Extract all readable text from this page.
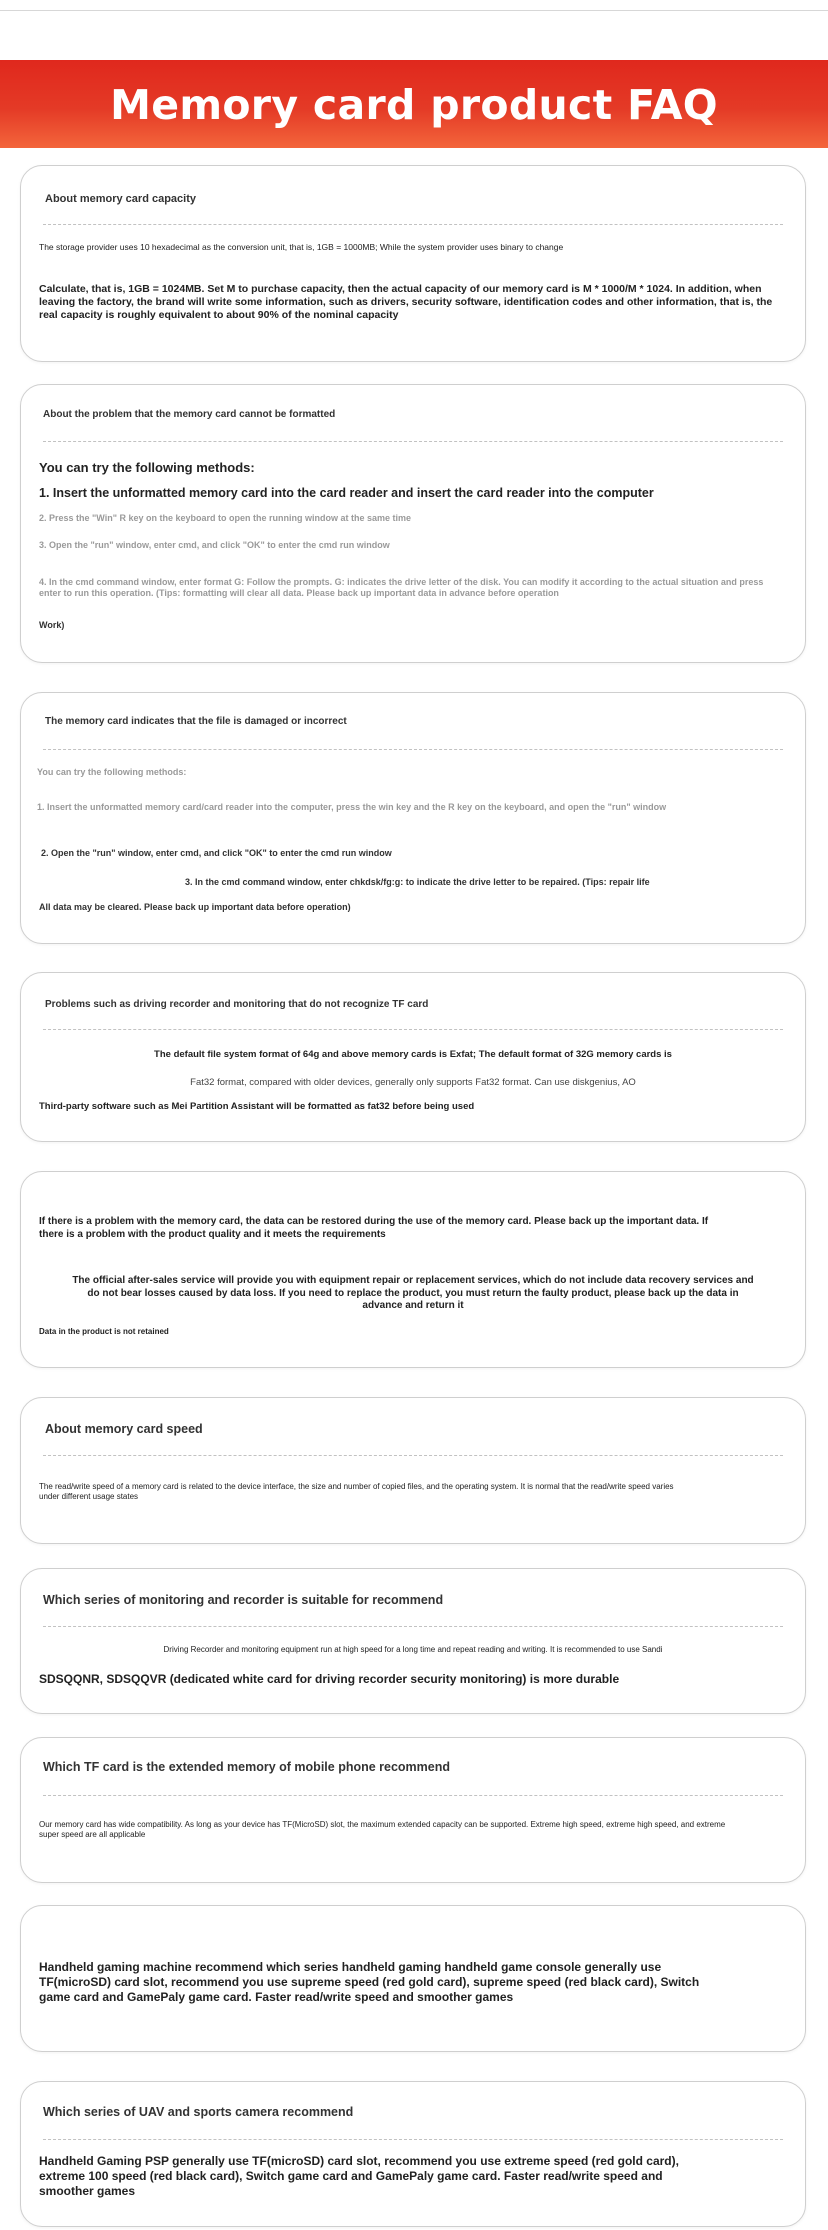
Memory card product FAQ
About memory card capacity
The storage provider uses 10 hexadecimal as the conversion unit, that is, 1GB = 1000MB; While the system provider uses binary to change
Calculate, that is, 1GB = 1024MB. Set M to purchase capacity, then the actual capacity of our memory card is M * 1000/M * 1024. In addition, when leaving the factory, the brand will write some information, such as drivers, security software, identification codes and other information, that is, the real capacity is roughly equivalent to about 90% of the nominal capacity
About the problem that the memory card cannot be formatted
You can try the following methods:
1. Insert the unformatted memory card into the card reader and insert the card reader into the computer
2. Press the "Win" R key on the keyboard to open the running window at the same time
3. Open the "run" window, enter cmd, and click "OK" to enter the cmd run window
4. In the cmd command window, enter format G: Follow the prompts. G: indicates the drive letter of the disk. You can modify it according to the actual situation and press enter to run this operation. (Tips: formatting will clear all data. Please back up important data in advance before operation
Work)
The memory card indicates that the file is damaged or incorrect
You can try the following methods:
1. Insert the unformatted memory card/card reader into the computer, press the win key and the R key on the keyboard, and open the "run" window
2. Open the "run" window, enter cmd, and click "OK" to enter the cmd run window
3. In the cmd command window, enter chkdsk/fg:g: to indicate the drive letter to be repaired. (Tips: repair life
All data may be cleared. Please back up important data before operation)
Problems such as driving recorder and monitoring that do not recognize TF card
The default file system format of 64g and above memory cards is Exfat; The default format of 32G memory cards is
Fat32 format, compared with older devices, generally only supports Fat32 format. Can use diskgenius, AO
Third-party software such as Mei Partition Assistant will be formatted as fat32 before being used
If there is a problem with the memory card, the data can be restored during the use of the memory card. Please back up the important data. If there is a problem with the product quality and it meets the requirements
The official after-sales service will provide you with equipment repair or replacement services, which do not include data recovery services and do not bear losses caused by data loss. If you need to replace the product, you must return the faulty product, please back up the data in advance and return it
Data in the product is not retained
About memory card speed
The read/write speed of a memory card is related to the device interface, the size and number of copied files, and the operating system. It is normal that the read/write speed varies under different usage states
Which series of monitoring and recorder is suitable for recommend
Driving Recorder and monitoring equipment run at high speed for a long time and repeat reading and writing. It is recommended to use Sandi
SDSQQNR, SDSQQVR (dedicated white card for driving recorder security monitoring) is more durable
Which TF card is the extended memory of mobile phone recommend
Our memory card has wide compatibility. As long as your device has TF(MicroSD) slot, the maximum extended capacity can be supported. Extreme high speed, extreme high speed, and extreme super speed are all applicable
Handheld gaming machine recommend which series handheld gaming handheld game console generally use TF(microSD) card slot, recommend you use supreme speed (red gold card), supreme speed (red black card), Switch game card and GamePaly game card. Faster read/write speed and smoother games
Which series of UAV and sports camera recommend
Handheld Gaming PSP generally use TF(microSD) card slot, recommend you use extreme speed (red gold card), extreme 100 speed (red black card), Switch game card and GamePaly game card. Faster read/write speed and smoother games
